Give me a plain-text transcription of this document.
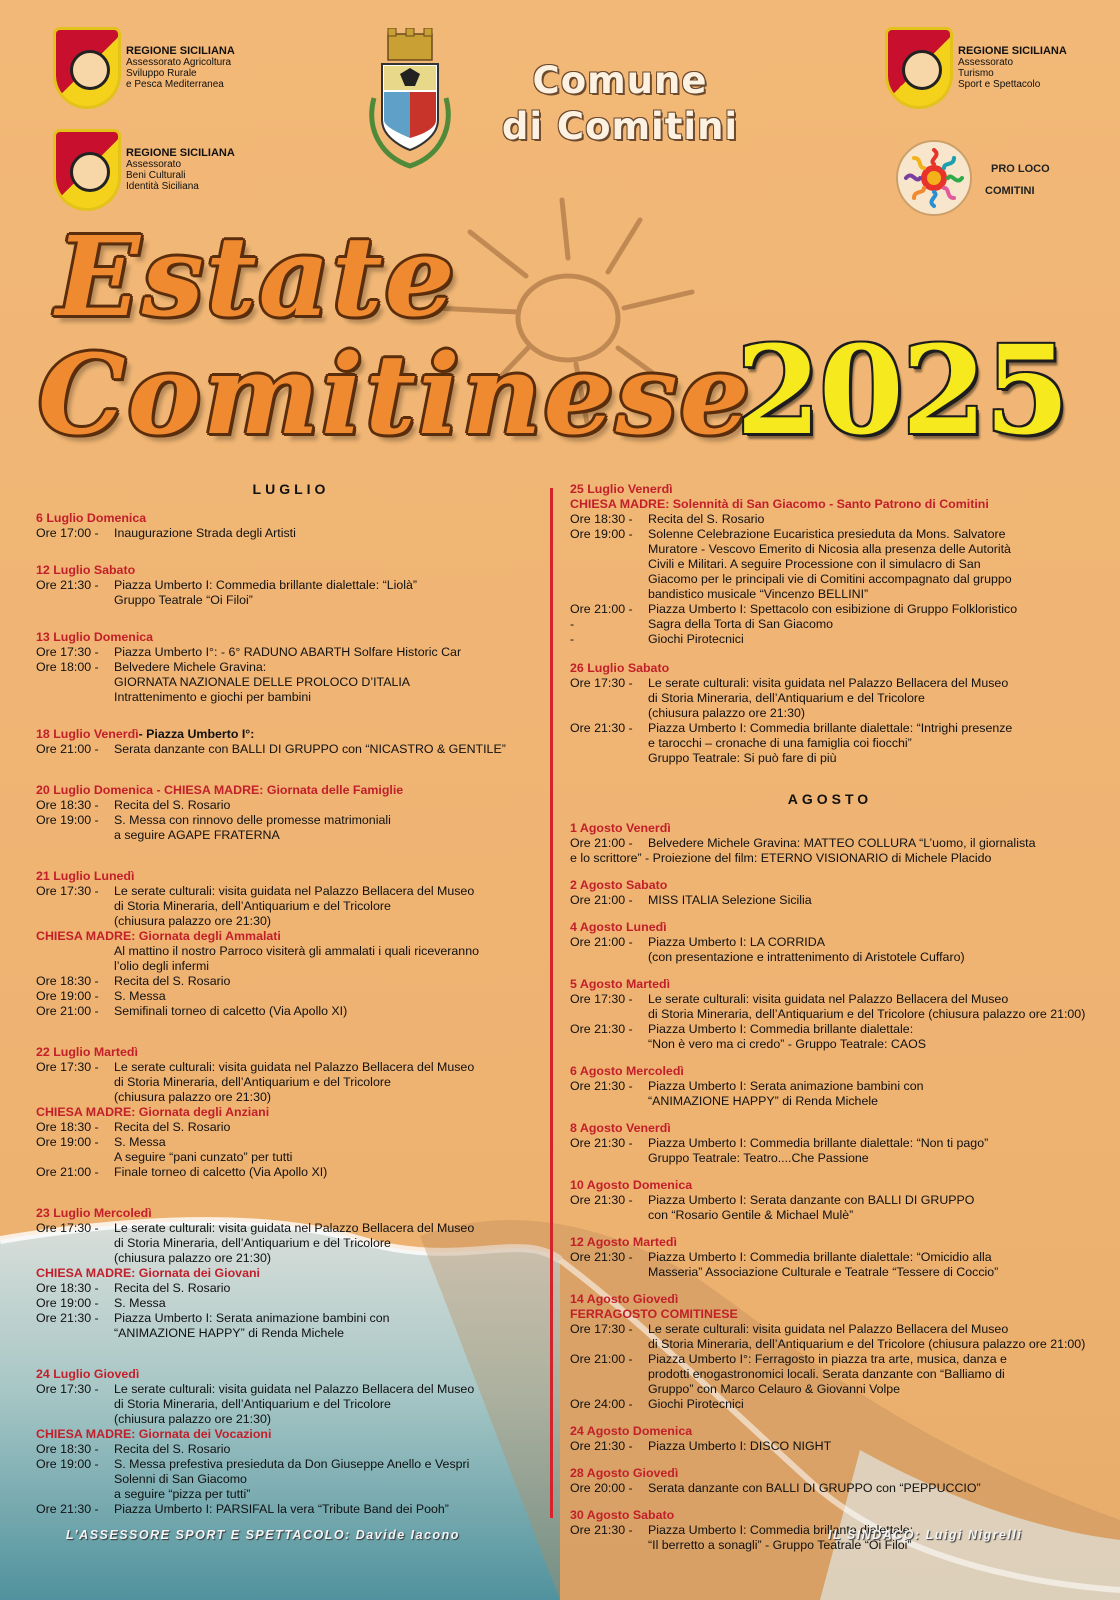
REGIONE SICILIANA
Assessorato Agricoltura
Sviluppo Rurale
e Pesca Mediterranea
REGIONE SICILIANA
Assessorato
Beni Culturali
Identità Siciliana
REGIONE SICILIANA
Assessorato
Turismo
Sport e Spettacolo
Comune
di Comitini
PRO LOCO
COMITINI
Estate
Comitinese
2025
LUGLIO
6 Luglio Domenica
Ore 17:00 -	Inaugurazione Strada degli Artisti
12 Luglio Sabato
Ore 21:30 -	Piazza Umberto I: Commedia brillante dialettale: “Liolà”
Gruppo Teatrale “Oi Filoi”
13 Luglio Domenica
Ore 17:30 -	Piazza Umberto I°: - 6° RADUNO ABARTH Solfare Historic Car
Ore 18:00 -	Belvedere Michele Gravina:
GIORNATA NAZIONALE DELLE PROLOCO D’ITALIA
Intrattenimento e giochi per bambini
18 Luglio Venerdì- Piazza Umberto I°:
Ore 21:00 -	Serata danzante con BALLI DI GRUPPO con “NICASTRO & GENTILE”
20 Luglio Domenica - CHIESA MADRE: Giornata delle Famiglie
Ore 18:30 -	Recita del S. Rosario
Ore 19:00 -	S. Messa con rinnovo delle promesse matrimoniali
a seguire AGAPE FRATERNA
21 Luglio Lunedì
Ore 17:30 -	Le serate culturali: visita guidata nel Palazzo Bellacera del Museo
di Storia Mineraria, dell’Antiquarium e del Tricolore
(chiusura palazzo ore 21:30)
CHIESA MADRE: Giornata degli Ammalati
Al mattino il nostro Parroco visiterà gli ammalati i quali riceveranno
l’olio degli infermi
Ore 18:30 -	Recita del S. Rosario
Ore 19:00 -	S. Messa
Ore 21:00 -	Semifinali torneo di calcetto (Via Apollo XI)
22 Luglio Martedì
Ore 17:30 -	Le serate culturali: visita guidata nel Palazzo Bellacera del Museo
di Storia Mineraria, dell’Antiquarium e del Tricolore
(chiusura palazzo ore 21:30)
CHIESA MADRE: Giornata degli Anziani
Ore 18:30 -	Recita del S. Rosario
Ore 19:00 -	S. Messa
A seguire “pani cunzato” per tutti
Ore 21:00 -	Finale torneo di calcetto (Via Apollo XI)
23 Luglio Mercoledì
Ore 17:30 -	Le serate culturali: visita guidata nel Palazzo Bellacera del Museo
di Storia Mineraria, dell’Antiquarium e del Tricolore
(chiusura palazzo ore 21:30)
CHIESA MADRE: Giornata dei Giovani
Ore 18:30 -	Recita del S. Rosario
Ore 19:00 -	S. Messa
Ore 21:30 -	Piazza Umberto I: Serata animazione bambini con
“ANIMAZIONE HAPPY” di Renda Michele
24 Luglio Giovedì
Ore 17:30 -	Le serate culturali: visita guidata nel Palazzo Bellacera del Museo
di Storia Mineraria, dell’Antiquarium e del Tricolore
(chiusura palazzo ore 21:30)
CHIESA MADRE: Giornata dei Vocazioni
Ore 18:30 -	Recita del S. Rosario
Ore 19:00 -	S. Messa prefestiva presieduta da Don Giuseppe Anello e Vespri
Solenni di San Giacomo
a seguire “pizza per tutti”
Ore 21:30 -	Piazza Umberto I: PARSIFAL la vera “Tribute Band dei Pooh”
25 Luglio Venerdì
CHIESA MADRE: Solennità di San Giacomo - Santo Patrono di Comitini
Ore 18:30 -	Recita del S. Rosario
Ore 19:00 -	Solenne Celebrazione Eucaristica presieduta da Mons. Salvatore
Muratore - Vescovo Emerito di Nicosia alla presenza delle Autorità
Civili e Militari. A seguire Processione con il simulacro di San
Giacomo per le principali vie di Comitini accompagnato dal gruppo
bandistico musicale “Vincenzo BELLINI”
Ore 21:00 -	Piazza Umberto I: Spettacolo con esibizione di Gruppo Folkloristico
-	Sagra della Torta di San Giacomo
-	Giochi Pirotecnici
26 Luglio Sabato
Ore 17:30 -	Le serate culturali: visita guidata nel Palazzo Bellacera del Museo
di Storia Mineraria, dell’Antiquarium e del Tricolore
(chiusura palazzo ore 21:30)
Ore 21:30 -	Piazza Umberto I: Commedia brillante dialettale: “Intrighi presenze
e tarocchi – cronache di una famiglia coi fiocchi”
Gruppo Teatrale: Si può fare di più
AGOSTO
1 Agosto Venerdì
Ore 21:00 -	Belvedere Michele Gravina: MATTEO COLLURA “L’uomo, il giornalista
e lo scrittore” - Proiezione del film: ETERNO VISIONARIO di Michele Placido
2 Agosto Sabato
Ore 21:00 -	MISS ITALIA Selezione Sicilia
4 Agosto Lunedì
Ore 21:00 -	Piazza Umberto I: LA CORRIDA
(con presentazione e intrattenimento di Aristotele Cuffaro)
5 Agosto Martedì
Ore 17:30 -	Le serate culturali: visita guidata nel Palazzo Bellacera del Museo
di Storia Mineraria, dell’Antiquarium e del Tricolore (chiusura palazzo ore 21:00)
Ore 21:30 -	Piazza Umberto I: Commedia brillante dialettale:
“Non è vero ma ci credo” - Gruppo Teatrale: CAOS
6 Agosto Mercoledì
Ore 21:30 -	Piazza Umberto I: Serata animazione bambini con
“ANIMAZIONE HAPPY” di Renda Michele
8 Agosto Venerdì
Ore 21:30 -	Piazza Umberto I: Commedia brillante dialettale: “Non ti pago”
Gruppo Teatrale: Teatro....Che Passione
10 Agosto Domenica
Ore 21:30 -	Piazza Umberto I: Serata danzante con BALLI DI GRUPPO
con “Rosario Gentile & Michael Mulè”
12 Agosto Martedì
Ore 21:30 -	Piazza Umberto I: Commedia brillante dialettale: “Omicidio alla
Masseria” Associazione Culturale e Teatrale “Tessere di Coccio”
14 Agosto Giovedì
FERRAGOSTO COMITINESE
Ore 17:30 -	Le serate culturali: visita guidata nel Palazzo Bellacera del Museo
di Storia Mineraria, dell’Antiquarium e del Tricolore (chiusura palazzo ore 21:00)
Ore 21:00 -	Piazza Umberto I°: Ferragosto in piazza tra arte, musica, danza e
prodotti enogastronomici locali. Serata danzante con “Balliamo di
Gruppo” con Marco Celauro & Giovanni Volpe
Ore 24:00 -	Giochi Pirotecnici
24 Agosto Domenica
Ore 21:30 -	Piazza Umberto I: DISCO NIGHT
28 Agosto Giovedì
Ore 20:00 -	Serata danzante con BALLI DI GRUPPO con “PEPPUCCIO”
30 Agosto Sabato
Ore 21:30 -	Piazza Umberto I: Commedia brillante dialettale:
“Il berretto a sonagli” - Gruppo Teatrale “Oi Filoi”
L’ASSESSORE SPORT E SPETTACOLO: Davide Iacono	IL SINDACO: Luigi Nigrelli
